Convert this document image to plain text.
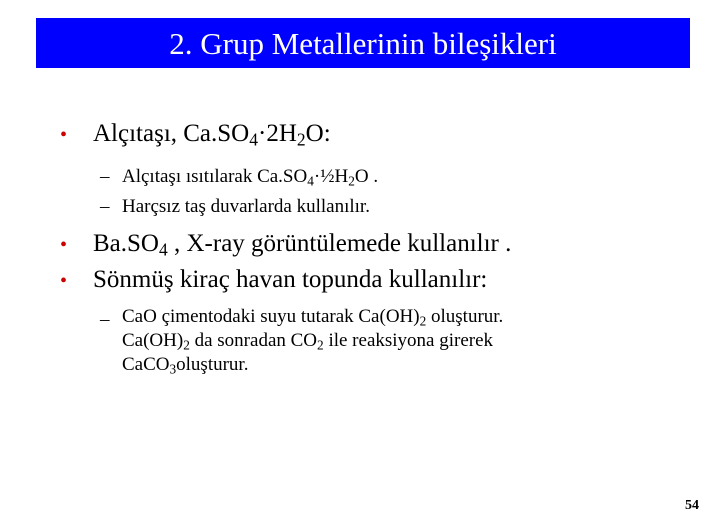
2. Grup Metallerinin bileşikleri
•	Alçıtaşı, $Ca.SO_4\cdot 2H_2O$:
– Alçıtaşı ısıtılarak $Ca.SO_4\cdot\frac{1}{2}H_2O$ .
– Harçsız taş duvarlarda kullanılır.
•	$Ba.SO_4$ , X-ray görüntülemede kullanılır .
•	Sönmüş kiraç havan topunda kullanılır:
– CaO çimentodaki suyu tutarak $Ca(OH)_2$ oluşturur.
$Ca(OH)_2$ da sonradan $CO_2$ ile reaksiyona girerek
CaCO$_3$oluşturur.
54
